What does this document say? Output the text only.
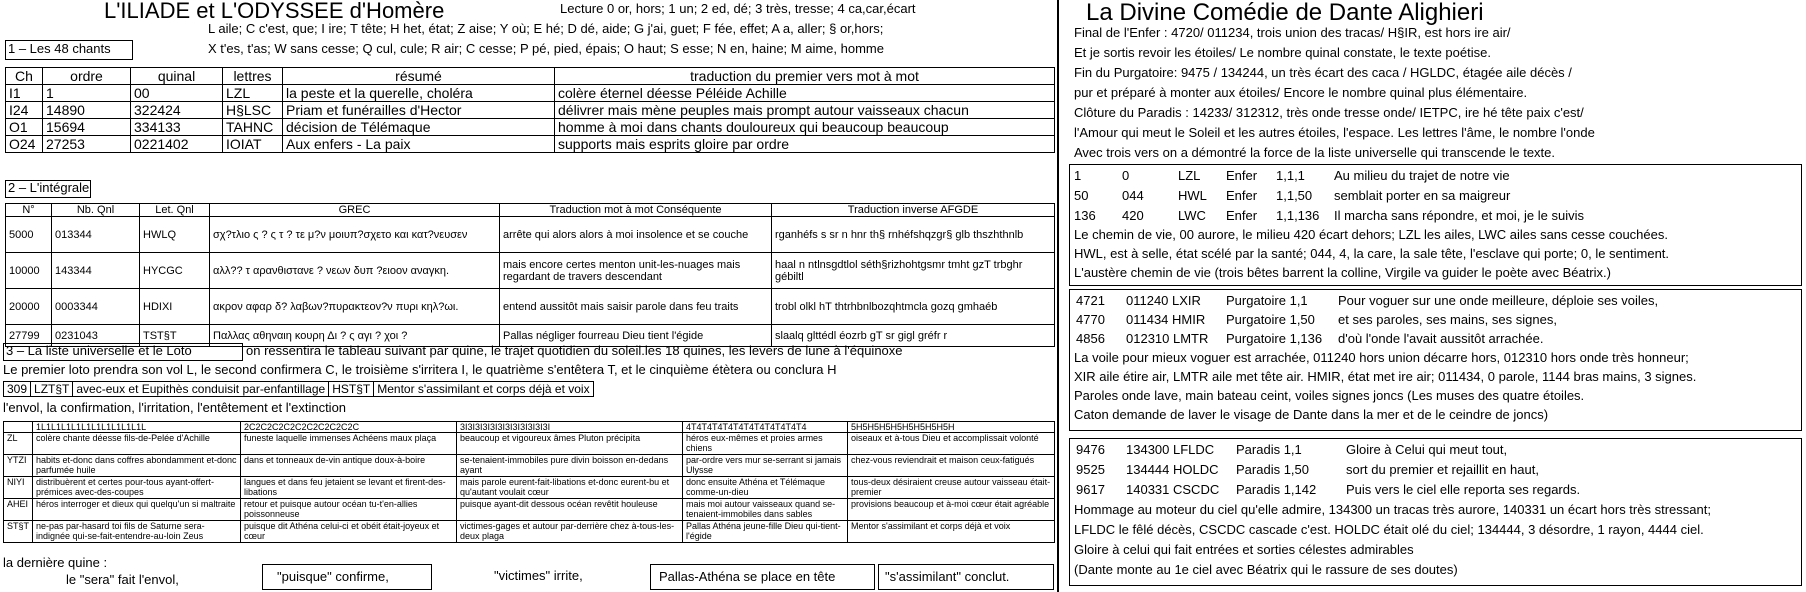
L'ILIADE et L'ODYSSEE d'Homère	Lecture 0 or, hors; 1 un; 2 ed, dé; 3 très, tresse; 4 ca,car,écart
L aile; C c'est, que; I ire; T tête; H het, état; Z aise; Y où; E hé; D dé, aide; G j'ai, guet; F fée, effet; A a, aller; § or,hors;
X t'es, t'as; W sans cesse; Q cul, cule; R air; C cesse; P pé, pied, épais; O haut; S esse; N en, haine; M aime, homme
1 – Les 48 chants
Ch	ordre	quinal	lettres	résumé	traduction du premier vers mot à mot
I1	1	00	LZL	la peste et la querelle, choléra	colère éternel déesse Péléide Achille
I24	14890	322424	H§LSC	Priam et funérailles d'Hector	délivrer mais mène peuples mais prompt autour vaisseaux chacun
O1	15694	334133	TAHNC	décision de Télémaque	homme à moi dans chants douloureux qui beaucoup beaucoup
O24	27253	0221402	IOIAT	Aux enfers - La paix	supports mais esprits gloire par ordre
2 – L'intégrale
N°	Nb. Qnl	Let. Qnl	GREC	Traduction mot à mot Conséquente	Traduction inverse AFGDE
5000	013344	HWLQ	σχ?τλιο ς ? ς τ ? τε μ?ν μοιυπ?σχετο και κατ?νευσεν	arrête qui alors alors à moi insolence et se couche	rganhéfs s sr n hnr th§ rnhéfshqzgr§ glb thszhthnlb
10000	143344	HYCGC	αλλ?? τ αρανθιστανε ? νεων δυπ ?ειοον αναγκη.	mais encore certes menton unit-les-nuages mais regardant de travers descendant	haal n ntlnsgdtlol séth§rizhohtgsmr tmht gzT trbghr gébiltl
20000	0003344	HDIXI	ακρον αφαρ δ? λαβων?πυρακτεον?ν πυρι κηλ?ωι.	entend aussitôt mais saisir parole dans feu traits	trobl olkl hT thtrhbnlbozqhtmcla gozq gmhaéb
27799	0231043	TST§T	Παλλας αθηναιη κουρη Δι ? ς αγι ? χοι ?	Pallas négliger fourreau Dieu tient l'égide	slaalq glttédl éozrb gT sr gigl gréfr r
3 – La liste universelle et le Loto	on ressentira le tableau suivant par quine, le trajet quotidien du soleil.les 18 quines, les levers de lune à l'équinoxe
Le premier loto prendra son vol L, le second confirmera C, le troisième s'irritera I, le quatrième s'entêtera T, et le cinquième étètera ou conclura H
309	LZT§T	avec-eux et Eupithès conduisit par-enfantillage	HST§T	Mentor s'assimilant et corps déjà et voix
l'envol, la confirmation, l'irritation, l'entêtement et l'extinction
	1L1L1L1L1L1L1L1L1L1L1L	2C2C2C2C2C2C2C2C2C2C	3I3I3I3I3I3I3I3I3I3I3I3I	4T4T4T4T4T4T4T4T4T4T4T4	5H5H5H5H5H5H5H5H5H
ZL	colère chante déesse fils-de-Pelée d'Achille	funeste laquelle immenses Achéens maux plaça	beaucoup et vigoureux âmes Pluton précipita	héros eux-mêmes et proies armes chiens	oiseaux et à-tous Dieu et accomplissait volonté
YTZI	habits et-donc dans coffres abondamment et-donc parfumée huile	dans et tonneaux de-vin antique doux-à-boire	se-tenaient-immobiles pure divin boisson en-dedans ayant	par-ordre vers mur se-serrant si jamais Ulysse	chez-vous reviendrait et maison ceux-fatigués
NIYI	distribuèrent et certes pour-tous ayant-offert-prémices avec-des-coupes	langues et dans feu jetaient se levant et firent-des-libations	mais parole eurent-fait-libations et-donc eurent-bu et qu'autant voulait cœur	donc ensuite Athéna et Télémaque comme-un-dieu	tous-deux désiraient creuse autour vaisseau était-premier
AHEI	héros interroger et dieux qui quelqu'un si maltraite	retour et puisque autour océan tu-t'en-allies poissonneuse	puisque ayant-dit dessous océan revêtit houleuse	mais moi autour vaisseaux quand se-tenaient-immobiles dans sables	provisions beaucoup et à-moi cœur était agréable
ST§T	ne-pas par-hasard toi fils de Saturne sera-indignée qui-se-fait-entendre-au-loin Zeus	puisque dit Athéna celui-ci et obéit était-joyeux et cœur	victimes-gages et autour par-derrière chez à-tous-les-deux plaga	Pallas Athéna jeune-fille Dieu qui-tient-l'égide	Mentor s'assimilant et corps déjà et voix
la dernière quine :
le "sera" fait l'envol,	"puisque" confirme,	"victimes" irrite,	Pallas-Athéna se place en tête	"s'assimilant" conclut.
La Divine Comédie de Dante Alighieri
Final de l'Enfer : 4720/ 011234, trois union des tracas/ H§IR, est hors ire air/
Et je sortis revoir les étoiles/ Le nombre quinal constate, le texte poétise.
Fin du Purgatoire: 9475 / 134244, un très écart des caca / HGLDC, étagée aile décès /
pur et préparé à monter aux étoiles/ Encore le nombre quinal plus élémentaire.
Clôture du Paradis : 14233/ 312312, très onde tresse onde/ IETPC, ire hé tête paix c'est/
l'Amour qui meut le Soleil et les autres étoiles, l'espace. Les lettres l'âme, le nombre l'onde
Avec trois vers on a démontré la force de la liste universelle qui transcende le texte.
1	0	LZL Enfer 1,1,1 Au milieu du trajet de notre vie
50	044	HWL Enfer 1,1,50 semblait porter en sa maigreur
136 420	LWC Enfer 1,1,136 Il marcha sans répondre, et moi, je le suivis
Le chemin de vie, 00 aurore, le milieu 420 écart dehors; LZL les ailes, LWC ailes sans cesse couchées.
HWL, est à selle, état scélé par la santé; 044, 4, la care, la sale tête, l'esclave qui porte; 0, le sentiment.
L'austère chemin de vie (trois bêtes barrent la colline, Virgile va guider le poète avec Béatrix.)
4721 011240 LXIR Purgatoire 1,1 Pour voguer sur une onde meilleure, déploie ses voiles,
4770 011434 HMIR Purgatoire 1,50 et ses paroles, ses mains, ses signes,
4856 012310 LMTR Purgatoire 1,136 d'où l'onde l'avait aussitôt arrachée.
La voile pour mieux voguer est arrachée, 011240 hors union décarre hors, 012310 hors onde très honneur;
XIR aile étire air, LMTR aile met tête air. HMIR, état met ire air; 011434, 0 parole, 1144 bras mains, 3 signes.
Paroles onde lave, main bateau ceint, voiles signes joncs (Les muses des quatre étoiles.
Caton demande de laver le visage de Dante dans la mer et de le ceindre de joncs)
9476 134300 LFLDC Paradis 1,1	Gloire à Celui qui meut tout,
9525 134444 HOLDC Paradis 1,50	sort du premier et rejaillit en haut,
9617 140331 CSCDC Paradis 1,142 Puis vers le ciel elle reporta ses regards.
Hommage au moteur du ciel qu'elle admire, 134300 un tracas très aurore, 140331 un écart hors très stressant;
LFLDC le fêlé décès, CSCDC cascade c'est. HOLDC était olé du ciel; 134444, 3 désordre, 1 rayon, 4444 ciel.
Gloire à celui qui fait entrées et sorties célestes admirables
(Dante monte au 1e ciel avec Béatrix qui le rassure de ses doutes)
